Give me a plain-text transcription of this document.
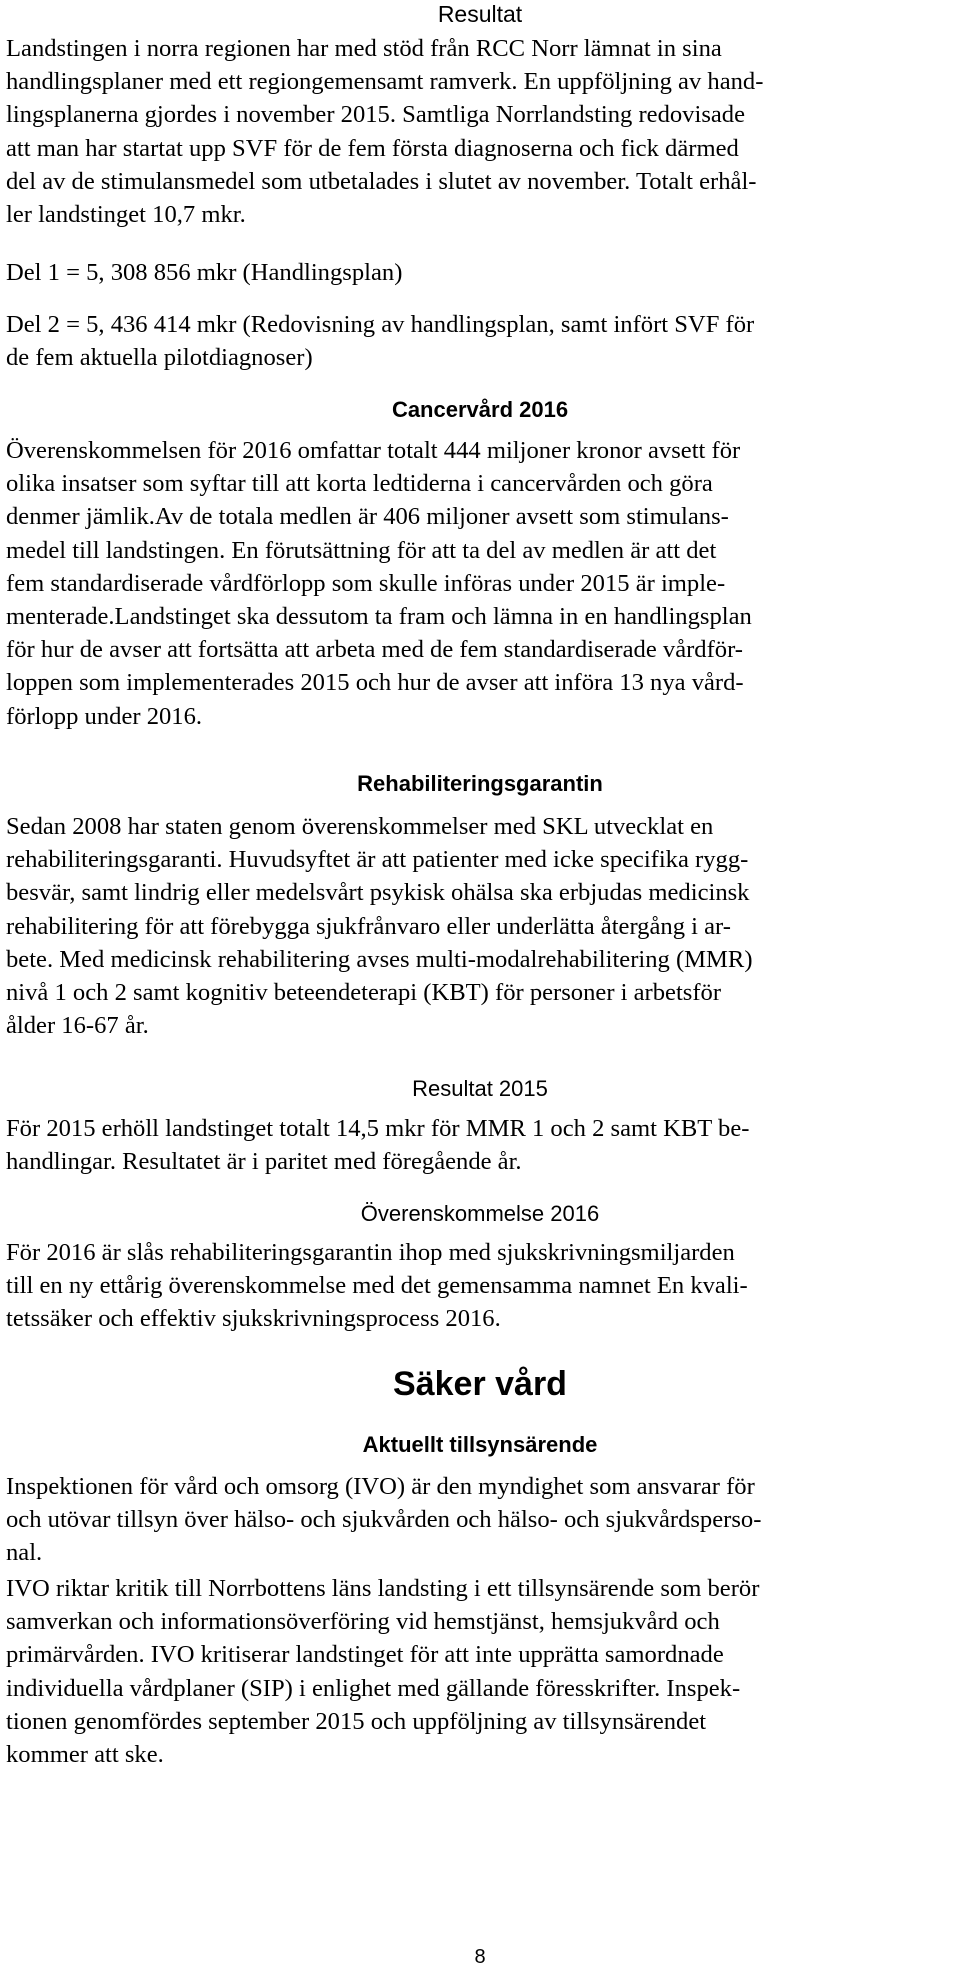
Resultat
Landstingen i norra regionen har med stöd från RCC Norr lämnat in sina
handlingsplaner med ett regiongemensamt ramverk. En uppföljning av hand-
lingsplanerna gjordes i november 2015. Samtliga Norrlandsting redovisade
att man har startat upp SVF för de fem första diagnoserna och fick därmed
del av de stimulansmedel som utbetalades i slutet av november. Totalt erhål-
ler landstinget 10,7 mkr.
Del 1 = 5, 308 856 mkr (Handlingsplan)
Del 2 = 5, 436 414 mkr (Redovisning av handlingsplan, samt infört SVF för
de fem aktuella pilotdiagnoser)
Cancervård 2016
Överenskommelsen för 2016 omfattar totalt 444 miljoner kronor avsett för
olika insatser som syftar till att korta ledtiderna i cancervården och göra
denmer jämlik.Av de totala medlen är 406 miljoner avsett som stimulans-
medel till landstingen. En förutsättning för att ta del av medlen är att det
fem standardiserade vårdförlopp som skulle införas under 2015 är imple-
menterade.Landstinget ska dessutom ta fram och lämna in en handlingsplan
för hur de avser att fortsätta att arbeta med de fem standardiserade vårdför-
loppen som implementerades 2015 och hur de avser att införa 13 nya vård-
förlopp under 2016.
Rehabiliteringsgarantin
Sedan 2008 har staten genom överenskommelser med SKL utvecklat en
rehabiliteringsgaranti. Huvudsyftet är att patienter med icke specifika rygg-
besvär, samt lindrig eller medelsvårt psykisk ohälsa ska erbjudas medicinsk
rehabilitering för att förebygga sjukfrånvaro eller underlätta återgång i ar-
bete. Med medicinsk rehabilitering avses multi-modalrehabilitering (MMR)
nivå 1 och 2 samt kognitiv beteendeterapi (KBT) för personer i arbetsför
ålder 16-67 år.
Resultat 2015
För 2015 erhöll landstinget totalt 14,5 mkr för MMR 1 och 2 samt KBT be-
handlingar. Resultatet är i paritet med föregående år.
Överenskommelse 2016
För 2016 är slås rehabiliteringsgarantin ihop med sjukskrivningsmiljarden
till en ny ettårig överenskommelse med det gemensamma namnet En kvali-
tetssäker och effektiv sjukskrivningsprocess 2016.
Säker vård
Aktuellt tillsynsärende
Inspektionen för vård och omsorg (IVO) är den myndighet som ansvarar för
och utövar tillsyn över hälso- och sjukvården och hälso- och sjukvårdsperso-
nal.
IVO riktar kritik till Norrbottens läns landsting i ett tillsynsärende som berör
samverkan och informationsöverföring vid hemstjänst, hemsjukvård och
primärvården. IVO kritiserar landstinget för att inte upprätta samordnade
individuella vårdplaner (SIP) i enlighet med gällande föresskrifter. Inspek-
tionen genomfördes september 2015 och uppföljning av tillsynsärendet
kommer att ske.
8
